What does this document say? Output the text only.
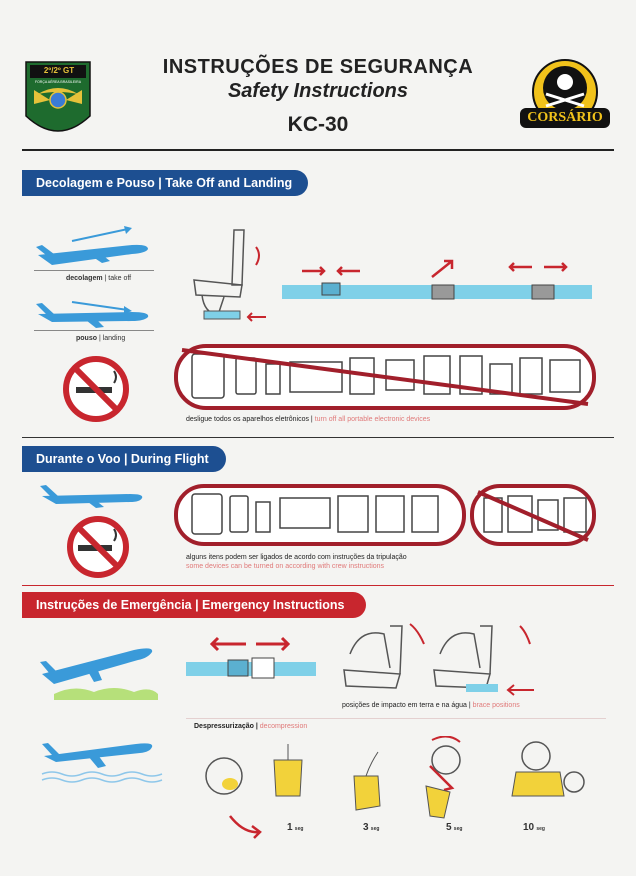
2º/2º GT
FORÇA AÉREA BRASILEIRA
INSTRUÇÕES DE SEGURANÇA
Safety Instructions
KC-30	CORSÁRIO
Decolagem e Pouso | Take Off and Landing
decolagem | take off
pouso | landing
desligue todos os aparelhos eletrônicos | turn off all portable electronic devices
Durante o Voo | During Flight
alguns itens podem ser ligados de acordo com instruções da tripulação
some devices can be turned on according with crew instructions
Instruções de Emergência | Emergency Instructions
posições de impacto em terra e na água | brace positions
Despressurização | decompression
1 seg	3 seg	5 seg	10 seg
